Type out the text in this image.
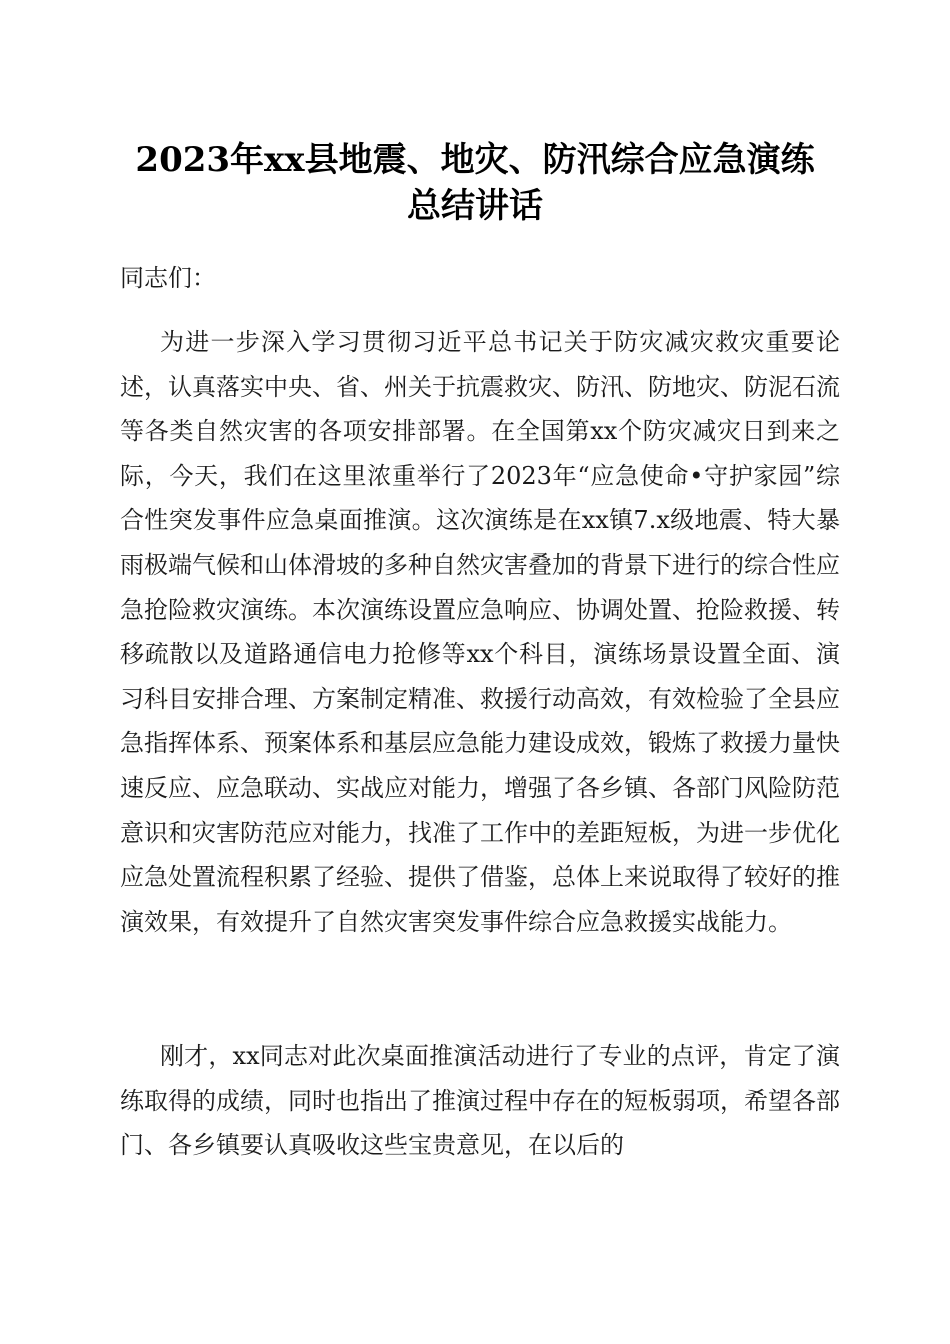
2023年xx县地震、地灾、防汛综合应急演练
总结讲话

同志们：

为进一步深入学习贯彻习近平总书记关于防灾减灾救灾重要论述，认真落实中央、省、州关于抗震救灾、防汛、防地灾、防泥石流等各类自然灾害的各项安排部署。在全国第xx个防灾减灾日到来之际，今天，我们在这里浓重举行了2023年“应急使命•守护家园”综合性突发事件应急桌面推演。这次演练是在xx镇7.x级地震、特大暴雨极端气候和山体滑坡的多种自然灾害叠加的背景下进行的综合性应急抢险救灾演练。本次演练设置应急响应、协调处置、抢险救援、转移疏散以及道路通信电力抢修等xx个科目，演练场景设置全面、演习科目安排合理、方案制定精准、救援行动高效，有效检验了全县应急指挥体系、预案体系和基层应急能力建设成效，锻炼了救援力量快速反应、应急联动、实战应对能力，增强了各乡镇、各部门风险防范意识和灾害防范应对能力，找准了工作中的差距短板，为进一步优化应急处置流程积累了经验、提供了借鉴，总体上来说取得了较好的推演效果，有效提升了自然灾害突发事件综合应急救援实战能力。

刚才，xx同志对此次桌面推演活动进行了专业的点评，肯定了演练取得的成绩，同时也指出了推演过程中存在的短板弱项，希望各部门、各乡镇要认真吸收这些宝贵意见，在以后的
